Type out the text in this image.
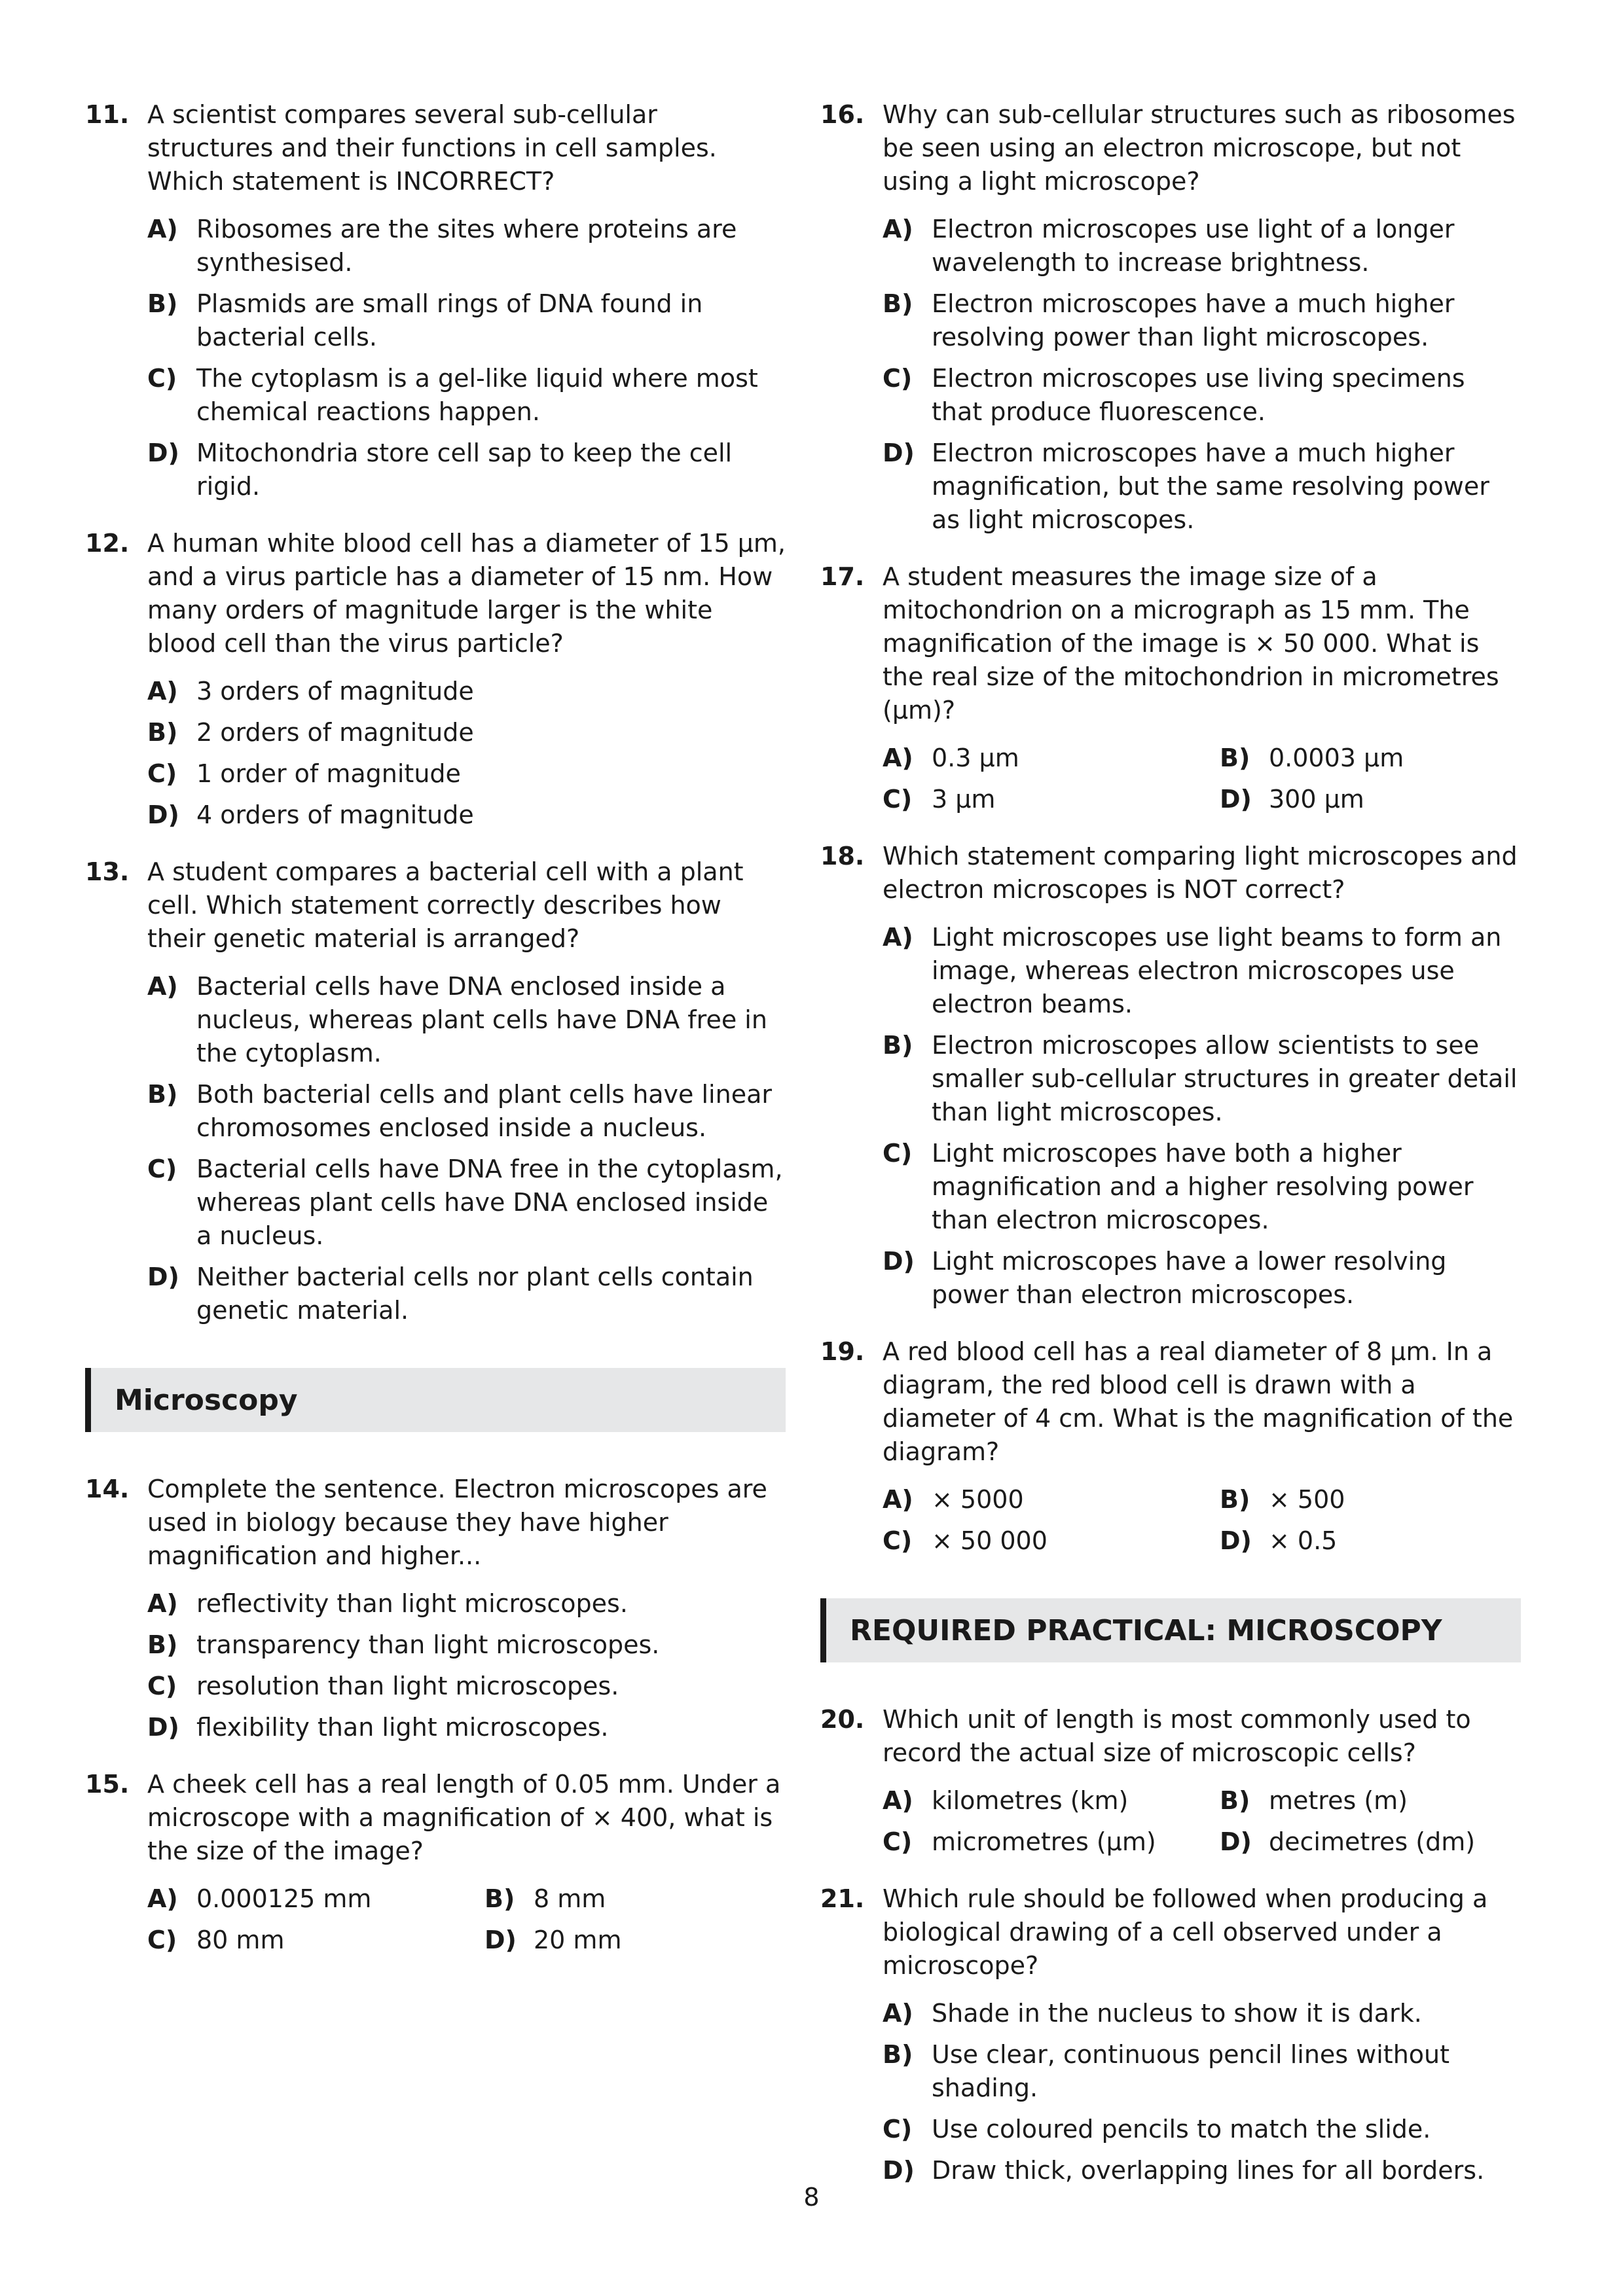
11. A scientist compares several sub-cellular structures and their functions in cell samples. Which statement is INCORRECT?
A) Ribosomes are the sites where proteins are synthesised.
B) Plasmids are small rings of DNA found in bacterial cells.
C) The cytoplasm is a gel-like liquid where most chemical reactions happen.
D) Mitochondria store cell sap to keep the cell rigid.
12. A human white blood cell has a diameter of 15 µm, and a virus particle has a diameter of 15 nm. How many orders of magnitude larger is the white blood cell than the virus particle?
A) 3 orders of magnitude
B) 2 orders of magnitude
C) 1 order of magnitude
D) 4 orders of magnitude
13. A student compares a bacterial cell with a plant cell. Which statement correctly describes how their genetic material is arranged?
A) Bacterial cells have DNA enclosed inside a nucleus, whereas plant cells have DNA free in the cytoplasm.
B) Both bacterial cells and plant cells have linear chromosomes enclosed inside a nucleus.
C) Bacterial cells have DNA free in the cytoplasm, whereas plant cells have DNA enclosed inside a nucleus.
D) Neither bacterial cells nor plant cells contain genetic material.
Microscopy
14. Complete the sentence. Electron microscopes are used in biology because they have higher magnification and higher...
A) reflectivity than light microscopes.
B) transparency than light microscopes.
C) resolution than light microscopes.
D) flexibility than light microscopes.
15. A cheek cell has a real length of 0.05 mm. Under a microscope with a magnification of × 400, what is the size of the image?
A) 0.000125 mm	B) 8 mm
C) 80 mm	D) 20 mm
16. Why can sub-cellular structures such as ribosomes be seen using an electron microscope, but not using a light microscope?
A) Electron microscopes use light of a longer wavelength to increase brightness.
B) Electron microscopes have a much higher resolving power than light microscopes.
C) Electron microscopes use living specimens that produce fluorescence.
D) Electron microscopes have a much higher magnification, but the same resolving power as light microscopes.
17. A student measures the image size of a mitochondrion on a micrograph as 15 mm. The magnification of the image is × 50 000. What is the real size of the mitochondrion in micrometres (µm)?
A) 0.3 µm	B) 0.0003 µm
C) 3 µm	D) 300 µm
18. Which statement comparing light microscopes and electron microscopes is NOT correct?
A) Light microscopes use light beams to form an image, whereas electron microscopes use electron beams.
B) Electron microscopes allow scientists to see smaller sub-cellular structures in greater detail than light microscopes.
C) Light microscopes have both a higher magnification and a higher resolving power than electron microscopes.
D) Light microscopes have a lower resolving power than electron microscopes.
19. A red blood cell has a real diameter of 8 µm. In a diagram, the red blood cell is drawn with a diameter of 4 cm. What is the magnification of the diagram?
A) × 5000	B) × 500
C) × 50 000	D) × 0.5
REQUIRED PRACTICAL: MICROSCOPY
20. Which unit of length is most commonly used to record the actual size of microscopic cells?
A) kilometres (km)	B) metres (m)
C) micrometres (µm)	D) decimetres (dm)
21. Which rule should be followed when producing a biological drawing of a cell observed under a microscope?
A) Shade in the nucleus to show it is dark.
B) Use clear, continuous pencil lines without shading.
C) Use coloured pencils to match the slide.
D) Draw thick, overlapping lines for all borders.
8
